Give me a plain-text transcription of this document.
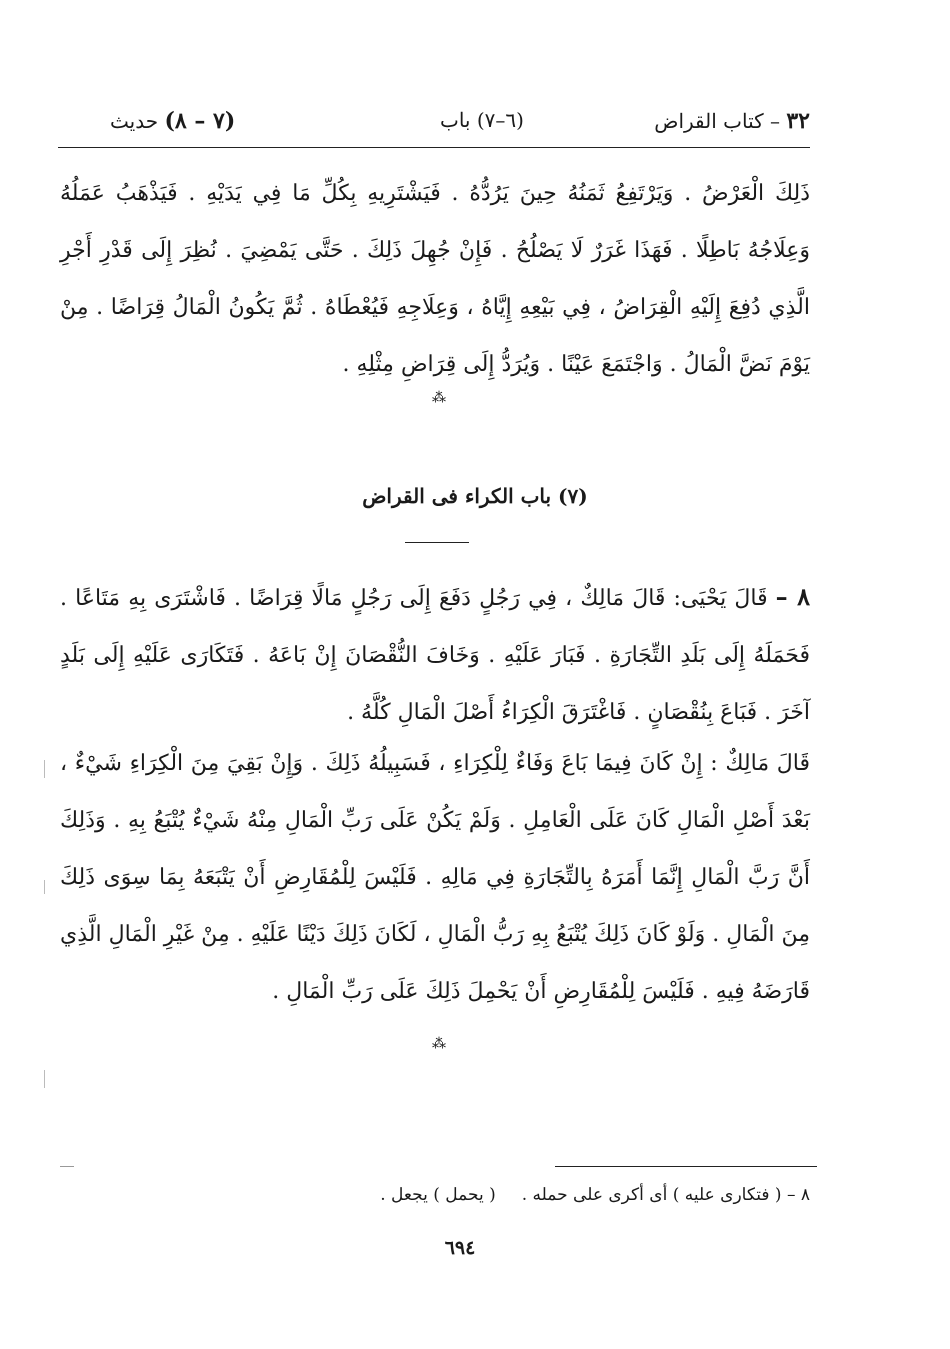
٣٢ – كتاب القراض
(٦–٧) باب
(٧ – ٨) حديث
ذَلِكَ الْعَرْضُ . وَيَرْتَفِعُ ثَمَنُهُ حِينَ يَرُدُّهُ . فَيَشْتَرِيهِ بِكُلِّ مَا فِي يَدَيْهِ . فَيَذْهَبُ عَمَلُهُ وَعِلَاجُهُ بَاطِلًا . فَهَذَا غَرَرٌ لَا يَصْلُحُ . فَإِنْ جُهِلَ ذَلِكَ . حَتَّى يَمْضِيَ . نُظِرَ إِلَى قَدْرِ أَجْرِ الَّذِي دُفِعَ إِلَيْهِ الْقِرَاضُ ، فِي بَيْعِهِ إِيَّاهُ ، وَعِلَاجِهِ فَيُعْطَاهُ . ثُمَّ يَكُونُ الْمَالُ قِرَاضًا . مِنْ يَوْمَ نَضَّ الْمَالُ . وَاجْتَمَعَ عَيْنًا . وَيُرَدُّ إِلَى قِرَاضِ مِثْلِهِ .
⁂
(٧) باب الكراء فى القراض
٨ –قَالَ يَحْيَى: قَالَ مَالِكٌ ، فِي رَجُلٍ دَفَعَ إِلَى رَجُلٍ مَالًا قِرَاضًا . فَاشْتَرَى بِهِ مَتَاعًا . فَحَمَلَهُ إِلَى بَلَدِ التِّجَارَةِ . فَبَارَ عَلَيْهِ . وَخَافَ النُّقْصَانَ إِنْ بَاعَهُ . فَتَكَارَى عَلَيْهِ إِلَى بَلَدٍ آخَرَ . فَبَاعَ بِنُقْصَانٍ . فَاغْتَرَقَ الْكِرَاءُ أَصْلَ الْمَالِ كُلَّهُ .
قَالَ مَالِكٌ : إِنْ كَانَ فِيمَا بَاعَ وَفَاءٌ لِلْكِرَاءِ ، فَسَبِيلُهُ ذَلِكَ . وَإِنْ بَقِيَ مِنَ الْكِرَاءِ شَيْءٌ ، بَعْدَ أَصْلِ الْمَالِ كَانَ عَلَى الْعَامِلِ . وَلَمْ يَكُنْ عَلَى رَبِّ الْمَالِ مِنْهُ شَيْءٌ يُتْبَعُ بِهِ . وَذَلِكَ أَنَّ رَبَّ الْمَالِ إِنَّمَا أَمَرَهُ بِالتِّجَارَةِ فِي مَالِهِ . فَلَيْسَ لِلْمُقَارِضِ أَنْ يَتْبَعَهُ بِمَا سِوَى ذَلِكَ مِنَ الْمَالِ . وَلَوْ كَانَ ذَلِكَ يُتْبَعُ بِهِ رَبُّ الْمَالِ ، لَكَانَ ذَلِكَ دَيْنًا عَلَيْهِ . مِنْ غَيْرِ الْمَالِ الَّذِي قَارَضَهُ فِيهِ . فَلَيْسَ لِلْمُقَارِضِ أَنْ يَحْمِلَ ذَلِكَ عَلَى رَبِّ الْمَالِ .
⁂
٨ – ( فتكارى عليه ) أى أكرى على حمله .( يحمل ) يجعل .
٦٩٤
